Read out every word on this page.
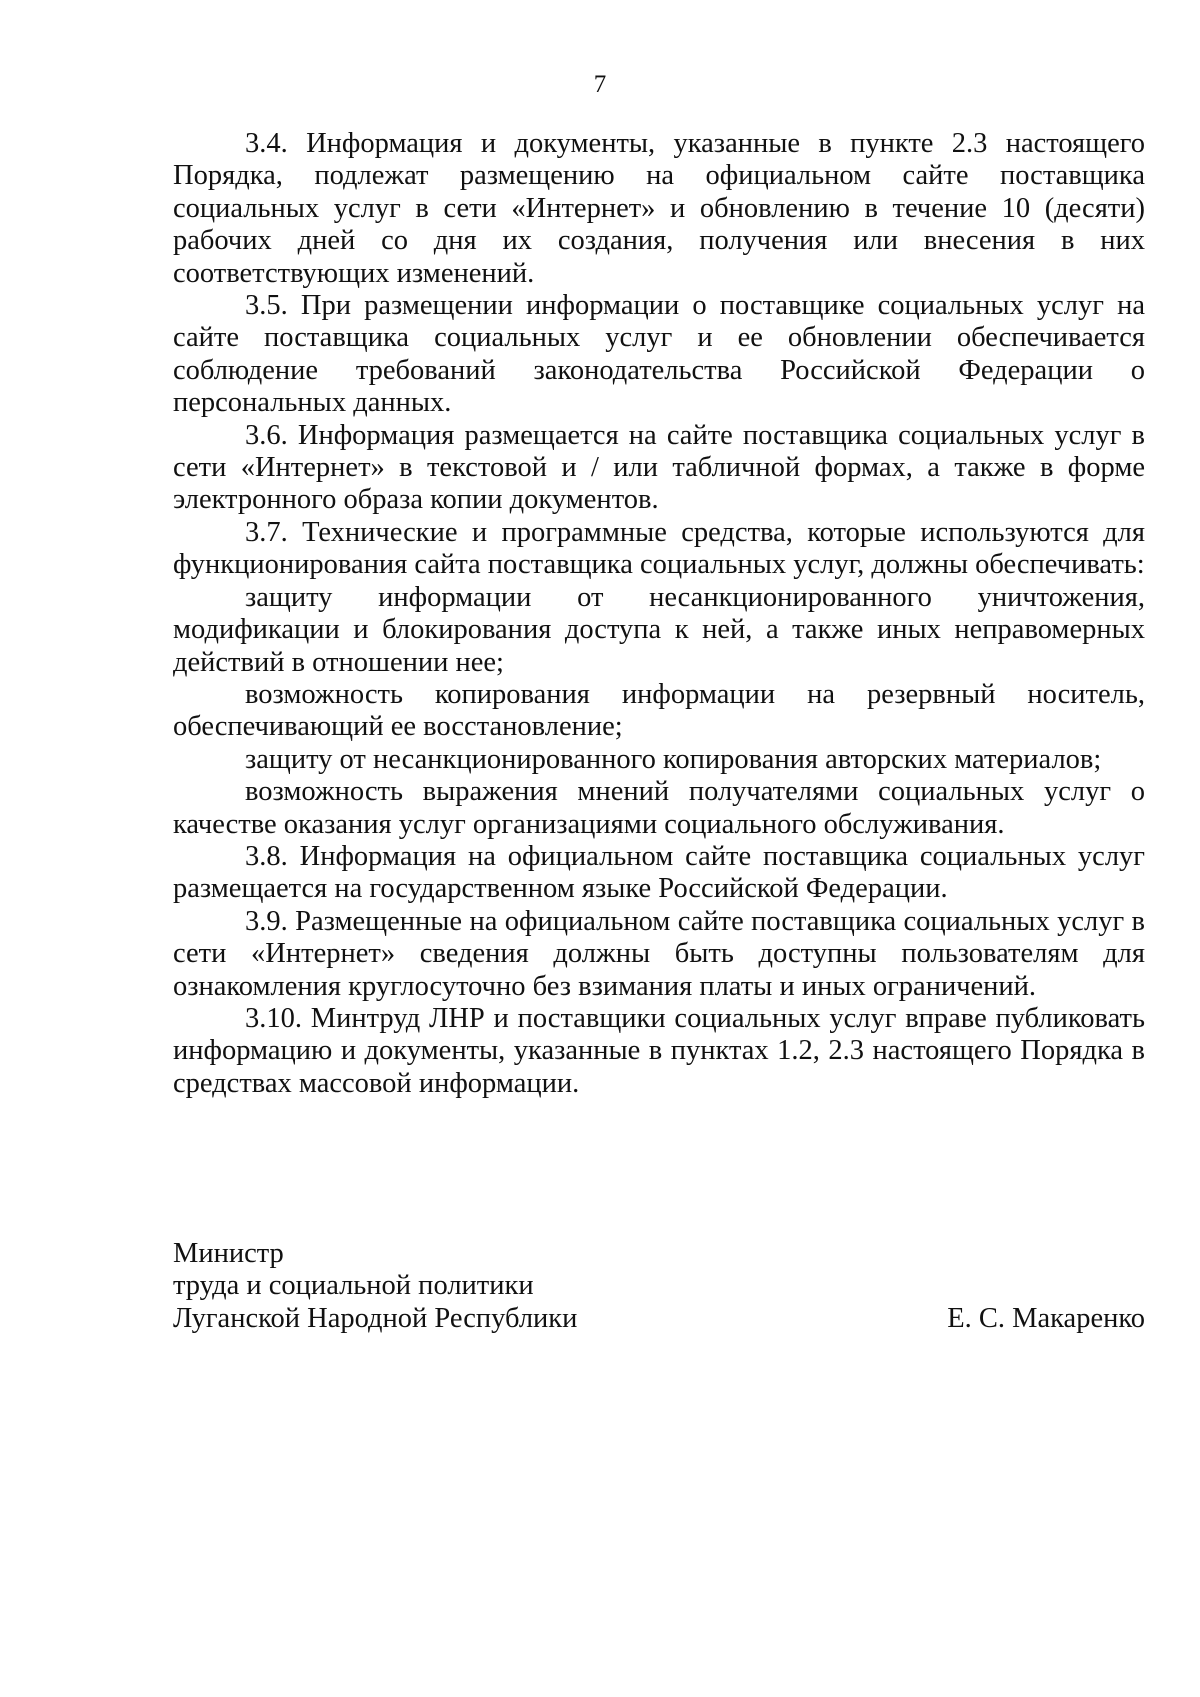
7

3.4. Информация и документы, указанные в пункте 2.3 настоящего Порядка, подлежат размещению на официальном сайте поставщика социальных услуг в сети «Интернет» и обновлению в течение 10 (десяти) рабочих дней со дня их создания, получения или внесения в них соответствующих изменений.

3.5. При размещении информации о поставщике социальных услуг на сайте поставщика социальных услуг и ее обновлении обеспечивается соблюдение требований законодательства Российской Федерации о персональных данных.

3.6. Информация размещается на сайте поставщика социальных услуг в сети «Интернет» в текстовой и / или табличной формах, а также в форме электронного образа копии документов.

3.7. Технические и программные средства, которые используются для функционирования сайта поставщика социальных услуг, должны обеспечивать:

защиту информации от несанкционированного уничтожения, модификации и блокирования доступа к ней, а также иных неправомерных действий в отношении нее;

возможность копирования информации на резервный носитель, обеспечивающий ее восстановление;

защиту от несанкционированного копирования авторских материалов;

возможность выражения мнений получателями социальных услуг о качестве оказания услуг организациями социального обслуживания.

3.8. Информация на официальном сайте поставщика социальных услуг размещается на государственном языке Российской Федерации.

3.9. Размещенные на официальном сайте поставщика социальных услуг в сети «Интернет» сведения должны быть доступны пользователям для ознакомления круглосуточно без взимания платы и иных ограничений.

3.10. Минтруд ЛНР и поставщики социальных услуг вправе публиковать информацию и документы, указанные в пунктах 1.2, 2.3 настоящего Порядка в средствах массовой информации.

Министр
труда и социальной политики
Луганской Народной Республики	Е. С. Макаренко
